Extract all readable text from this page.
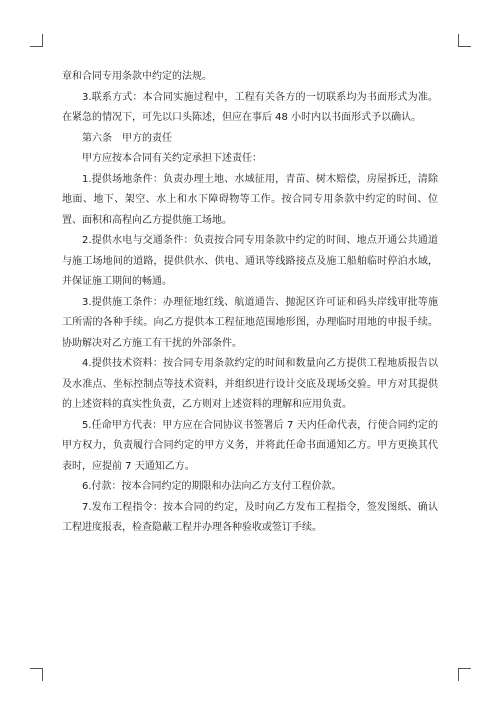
章和合同专用条款中约定的法规。

3.联系方式：本合同实施过程中，工程有关各方的一切联系均为书面形式为准。在紧急的情况下，可先以口头陈述，但应在事后 48 小时内以书面形式予以确认。

第六条　甲方的责任

甲方应按本合同有关约定承担下述责任：

1.提供场地条件：负责办理土地、水域征用，青苗、树木赔偿，房屋拆迁，清除地面、地下、架空、水上和水下障碍物等工作。按合同专用条款中约定的时间、位置、面积和高程向乙方提供施工场地。

2.提供水电与交通条件：负责按合同专用条款中约定的时间、地点开通公共通道与施工场地间的道路，提供供水、供电、通讯等线路接点及施工船舶临时停泊水域，并保证施工期间的畅通。

3.提供施工条件：办理征地红线、航道通告、抛泥区许可证和码头岸线审批等施工所需的各种手续。向乙方提供本工程征地范围地形图，办理临时用地的申报手续。协助解决对乙方施工有干扰的外部条件。

4.提供技术资料：按合同专用条款约定的时间和数量向乙方提供工程地质报告以及水准点、坐标控制点等技术资料，并组织进行设计交底及现场交验。甲方对其提供的上述资料的真实性负责，乙方则对上述资料的理解和应用负责。

5.任命甲方代表：甲方应在合同协议书签署后 7 天内任命代表，行使合同约定的甲方权力，负责履行合同约定的甲方义务，并将此任命书面通知乙方。甲方更换其代表时，应提前 7 天通知乙方。

6.付款：按本合同约定的期限和办法向乙方支付工程价款。

7.发布工程指令：按本合同的约定，及时向乙方发布工程指令，签发图纸、确认工程进度报表，检查隐蔽工程并办理各种验收或签订手续。
